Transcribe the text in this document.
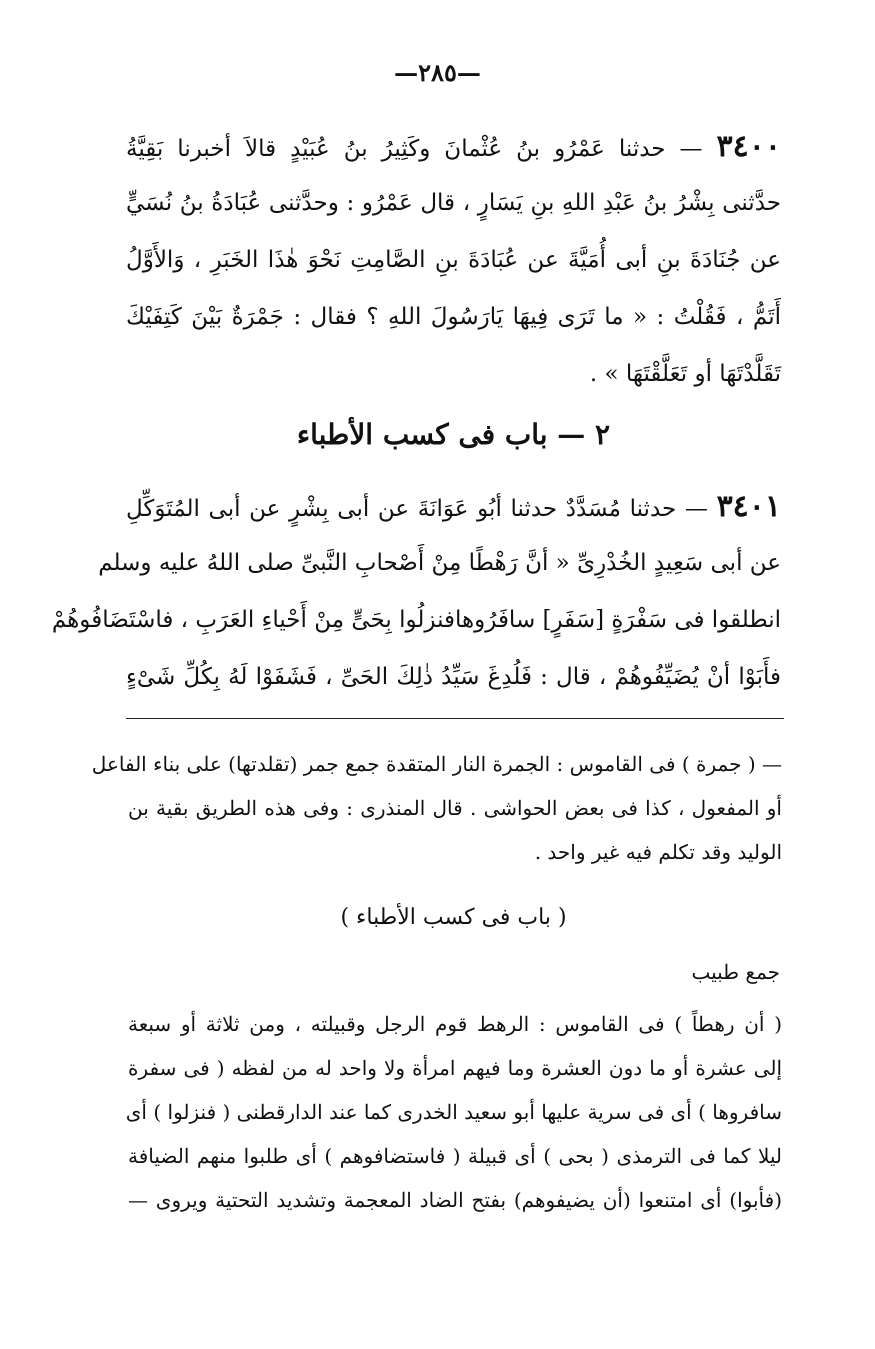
—٢٨٥—
٣٤٠٠ — حدثنا عَمْرُو بنُ عُثْمانَ وكَثِيرُ بنُ عُبَيْدٍ قالاَ أخبرنا بَقِيَّةُ
حدَّثنى بِشْرُ بنُ عَبْدِ اللهِ بنِ يَسَارٍ ، قال عَمْرُو : وحدَّثنى عُبَادَةُ بنُ نُسَيٍّ
عن جُنَادَةَ بنِ أبى أُمَيَّةَ عن عُبَادَةَ بنِ الصَّامِتِ نَحْوَ هٰذَا الخَبَرِ ، وَالأَوَّلُ
أَتَمُّ ، فَقُلْتُ : « ما تَرَى فِيهَا يَارَسُولَ اللهِ ؟ فقال : جَمْرَةٌ بَيْنَ كَتِفَيْكَ
تَقَلَّدْتَهَا أو تَعَلَّقْتَهَا » .
٢ — باب فى كسب الأطباء
٣٤٠١ — حدثنا مُسَدَّدٌ حدثنا أبُو عَوَانَةَ عن أبى بِشْرٍ عن أبى المُتَوَكِّلِ
عن أبى سَعِيدٍ الخُدْرِىِّ « أنَّ رَهْطًا مِنْ أَصْحابِ النَّبىِّ صلى اللهُ عليه وسلم
انطلقوا فى سَفْرَةٍ [سَفَرٍ] سافَرُوهافنزلُوا بِحَىٍّ مِنْ أَحْياءِ العَرَبِ ، فاسْتَضَافُوهُمْ
فأَبَوْا أنْ يُضَيِّفُوهُمْ ، قال : فَلُدِغَ سَيِّدُ ذٰلِكَ الحَىِّ ، فَشَفَوْا لَهُ بِكُلِّ شَىْءٍ
— ( جمرة ) فى القاموس : الجمرة النار المتقدة جمع جمر (تقلدتها) على بناء الفاعل
أو المفعول ، كذا فى بعض الحواشى . قال المنذرى : وفى هذه الطريق بقية بن
الوليد وقد تكلم فيه غير واحد .
( باب فى كسب الأطباء )
جمع طبيب
( أن رهطاً ) فى القاموس : الرهط قوم الرجل وقبيلته ، ومن ثلاثة أو سبعة
إلى عشرة أو ما دون العشرة وما فيهم امرأة ولا واحد له من لفظه ( فى سفرة
سافروها ) أى فى سرية عليها أبو سعيد الخدرى كما عند الدارقطنى ( فنزلوا ) أى
ليلا كما فى الترمذى ( بحى ) أى قبيلة ( فاستضافوهم ) أى طلبوا منهم الضيافة
(فأبوا) أى امتنعوا (أن يضيفوهم) بفتح الضاد المعجمة وتشديد التحتية ويروى —
